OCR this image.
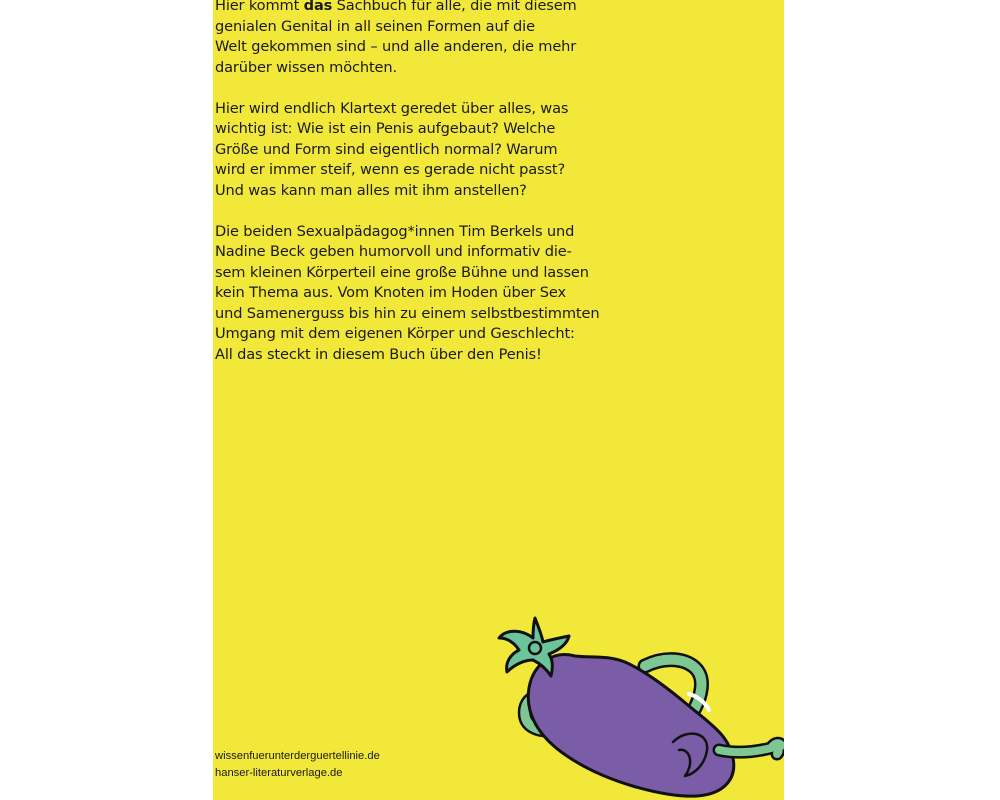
Hier kommt das Sachbuch für alle, die mit diesem
genialen Genital in all seinen Formen auf die
Welt gekommen sind – und alle anderen, die mehr
darüber wissen möchten.

Hier wird endlich Klartext geredet über alles, was
wichtig ist: Wie ist ein Penis aufgebaut? Welche
Größe und Form sind eigentlich normal? Warum
wird er immer steif, wenn es gerade nicht passt?
Und was kann man alles mit ihm anstellen?

Die beiden Sexualpädagog*innen Tim Berkels und
Nadine Beck geben humorvoll und informativ die-
sem kleinen Körperteil eine große Bühne und lassen
kein Thema aus. Vom Knoten im Hoden über Sex
und Samenerguss bis hin zu einem selbstbestimmten
Umgang mit dem eigenen Körper und Geschlecht:
All das steckt in diesem Buch über den Penis!

wissenfuerunterderguertellinie.de
hanser-literaturverlage.de
